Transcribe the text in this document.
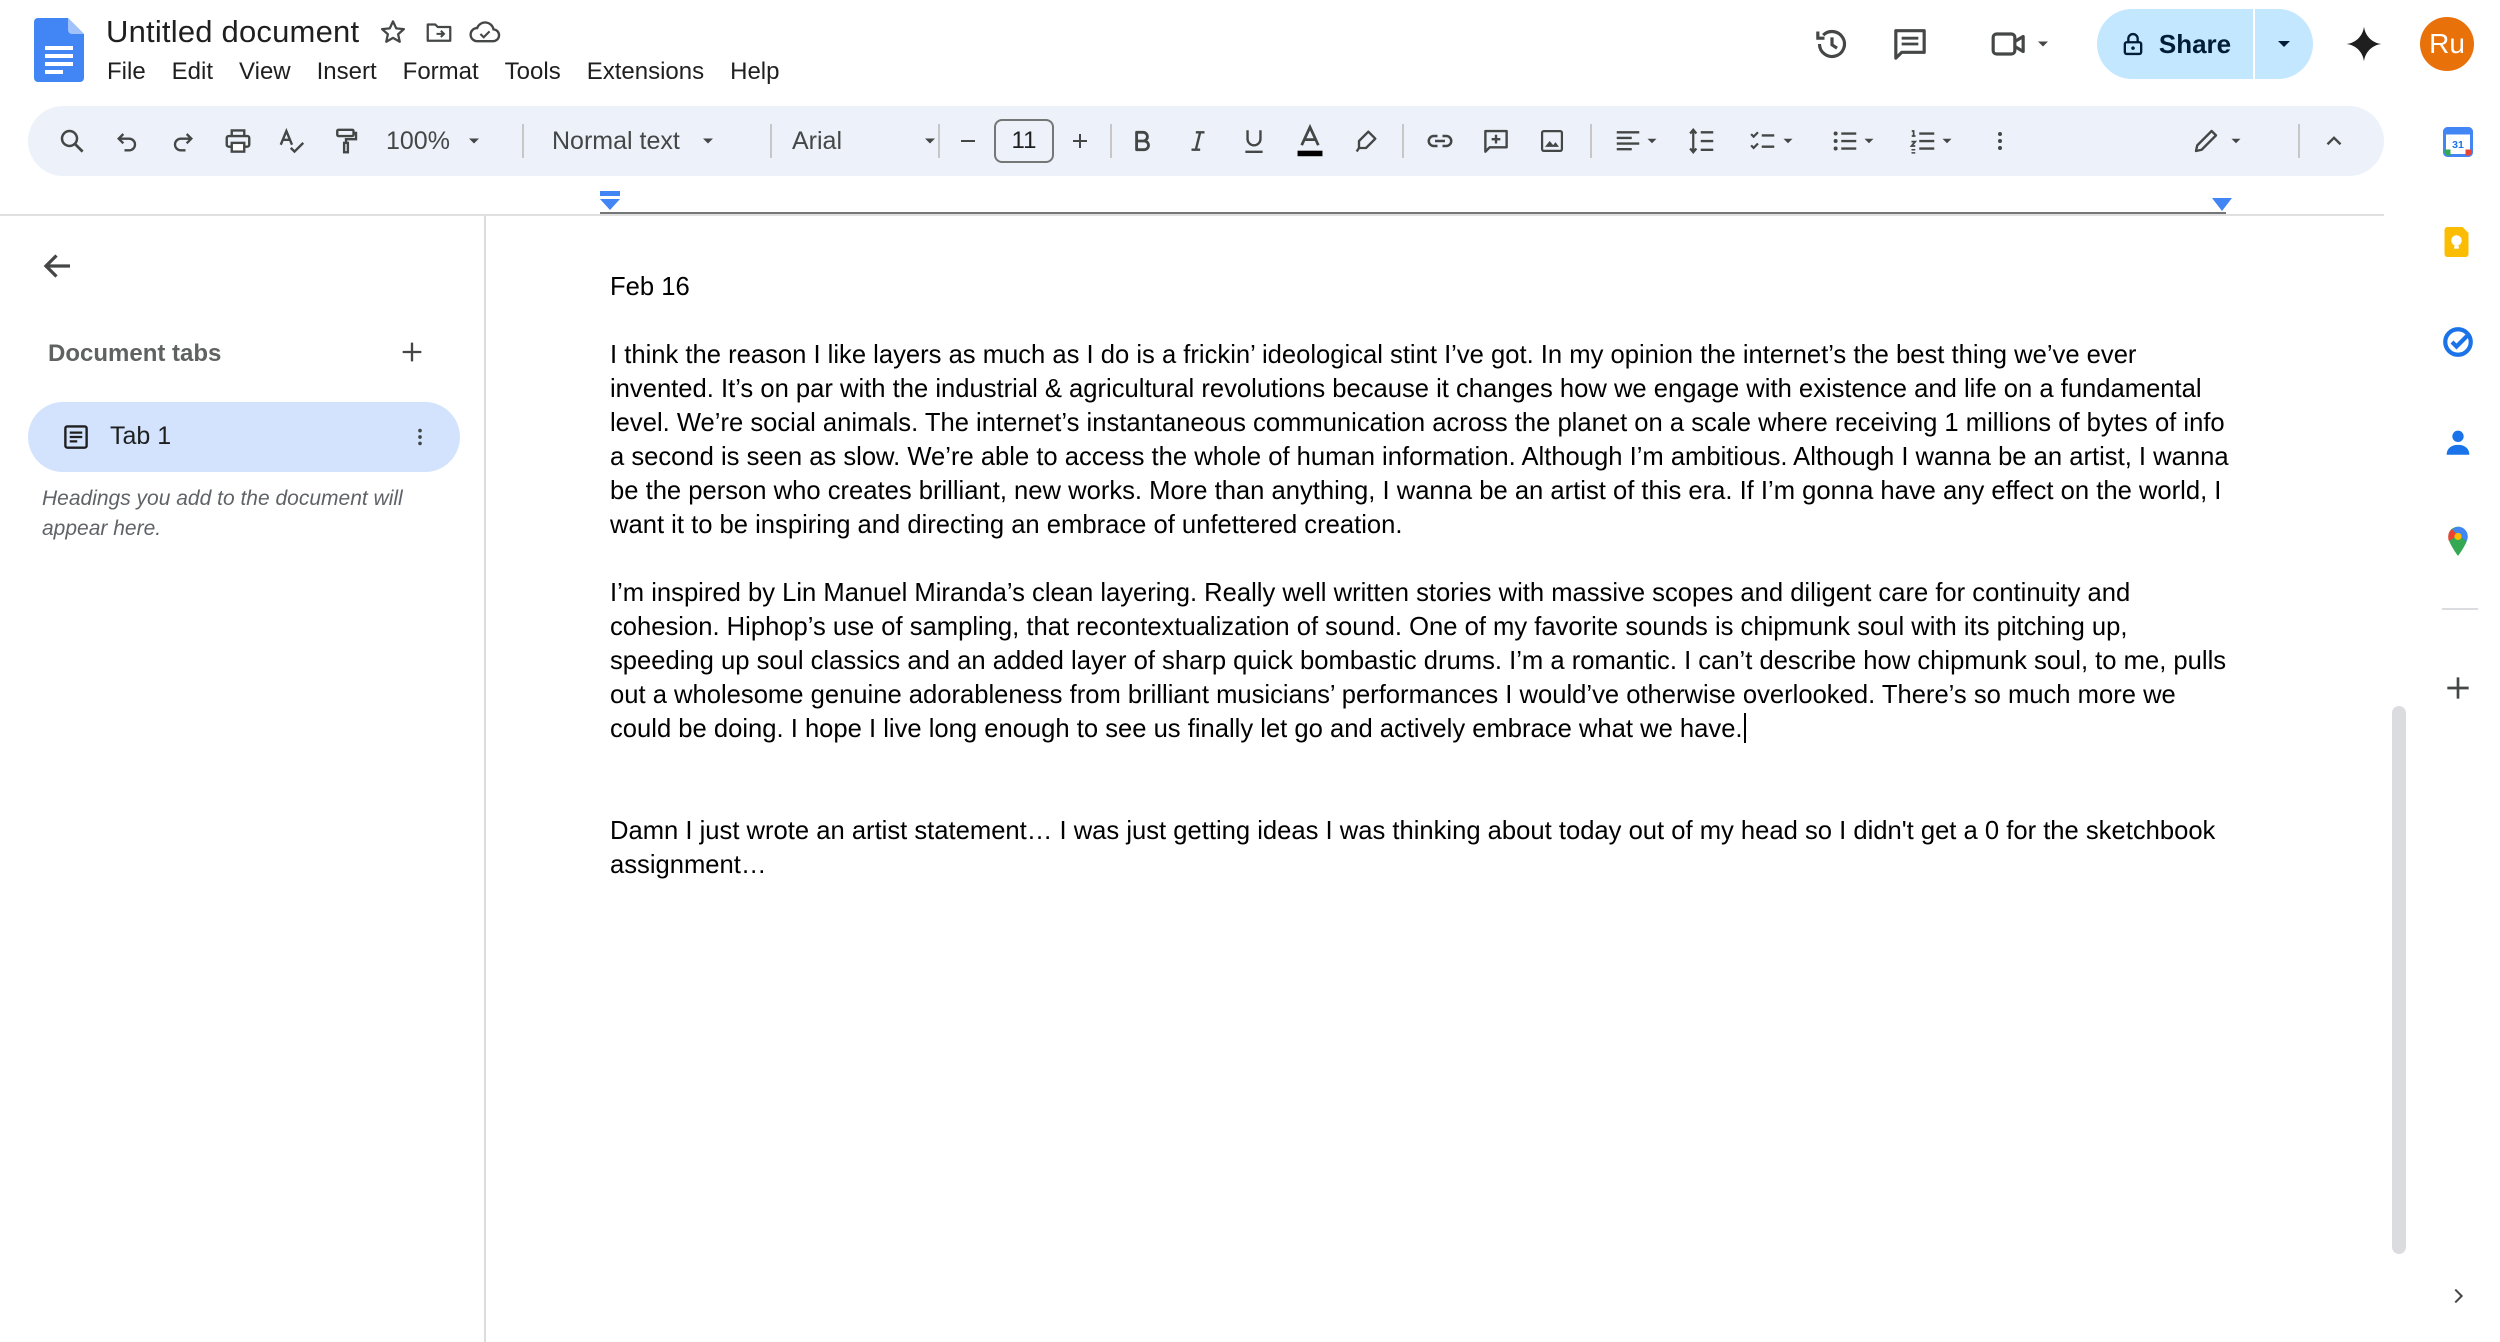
Untitled document
File	Edit	View	Insert	Format	Tools	Extensions	Help
Share	Ru
100%	Normal text	Arial	11
Document tabs
Tab 1
Headings you add to the document will appear here.

Feb 16

I think the reason I like layers as much as I do is a frickin’ ideological stint I’ve got. In my opinion the internet’s the best thing we’ve ever invented. It’s on par with the industrial & agricultural revolutions because it changes how we engage with existence and life on a fundamental level. We’re social animals. The internet’s instantaneous communication across the planet on a scale where receiving 1 millions of bytes of info a second is seen as slow. We’re able to access the whole of human information. Although I’m ambitious. Although I wanna be an artist, I wanna be the person who creates brilliant, new works. More than anything, I wanna be an artist of this era. If I’m gonna have any effect on the world, I want it to be inspiring and directing an embrace of unfettered creation.

I’m inspired by Lin Manuel Miranda’s clean layering. Really well written stories with massive scopes and diligent care for continuity and cohesion. Hiphop’s use of sampling, that recontextualization of sound. One of my favorite sounds is chipmunk soul with its pitching up, speeding up soul classics and an added layer of sharp quick bombastic drums. I’m a romantic. I can’t describe how chipmunk soul, to me, pulls out a wholesome genuine adorableness from brilliant musicians’ performances I would’ve otherwise overlooked. There’s so much more we could be doing. I hope I live long enough to see us finally let go and actively embrace what we have.

Damn I just wrote an artist statement… I was just getting ideas I was thinking about today out of my head so I didn't get a 0 for the sketchbook assignment…

31
